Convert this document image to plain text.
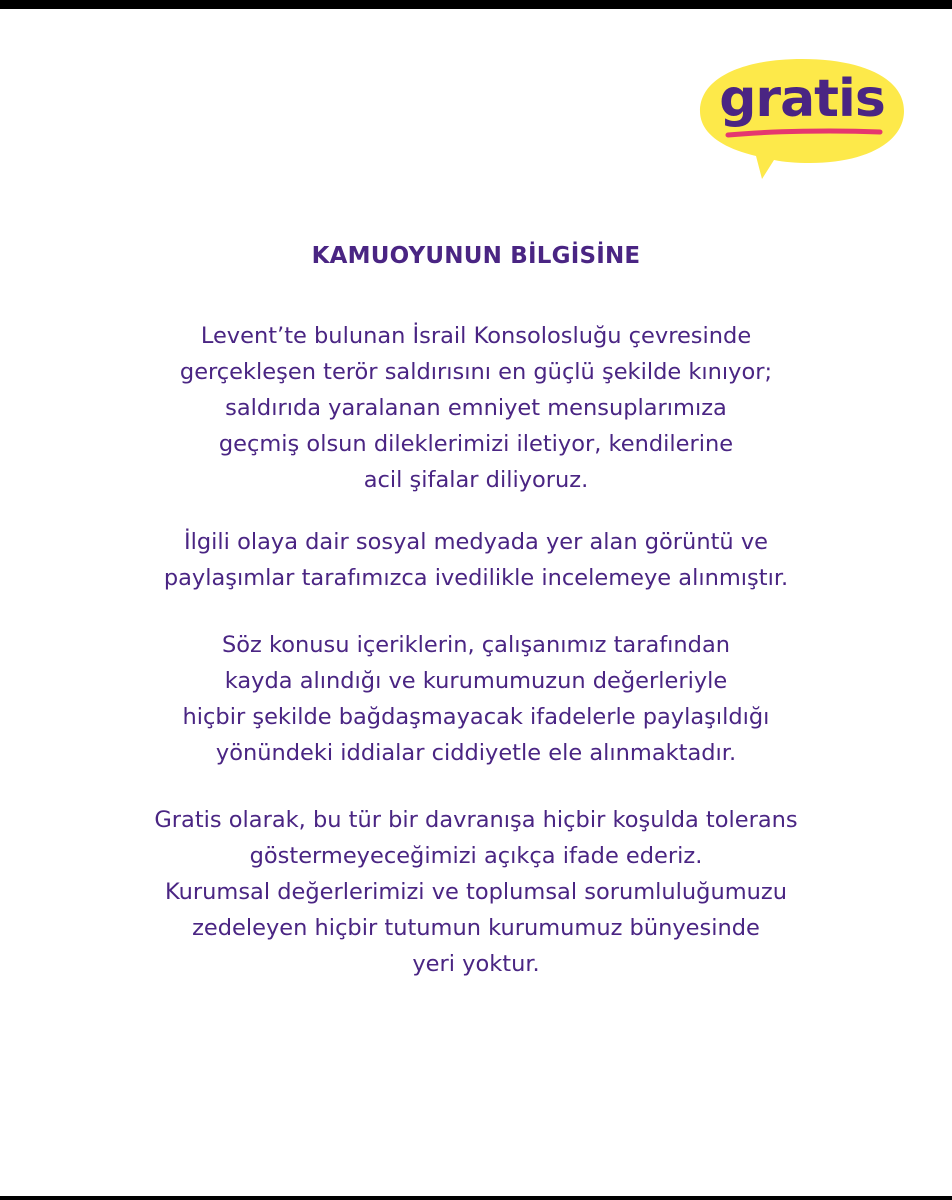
gratis
KAMUOYUNUN BİLGİSİNE

Levent’te bulunan İsrail Konsolosluğu çevresinde
gerçekleşen terör saldırısını en güçlü şekilde kınıyor;
saldırıda yaralanan emniyet mensuplarımıza
geçmiş olsun dileklerimizi iletiyor, kendilerine
acil şifalar diliyoruz.

İlgili olaya dair sosyal medyada yer alan görüntü ve
paylaşımlar tarafımızca ivedilikle incelemeye alınmıştır.

Söz konusu içeriklerin, çalışanımız tarafından
kayda alındığı ve kurumumuzun değerleriyle
hiçbir şekilde bağdaşmayacak ifadelerle paylaşıldığı
yönündeki iddialar ciddiyetle ele alınmaktadır.

Gratis olarak, bu tür bir davranışa hiçbir koşulda tolerans
göstermeyeceğimizi açıkça ifade ederiz.
Kurumsal değerlerimizi ve toplumsal sorumluluğumuzu
zedeleyen hiçbir tutumun kurumumuz bünyesinde
yeri yoktur.
